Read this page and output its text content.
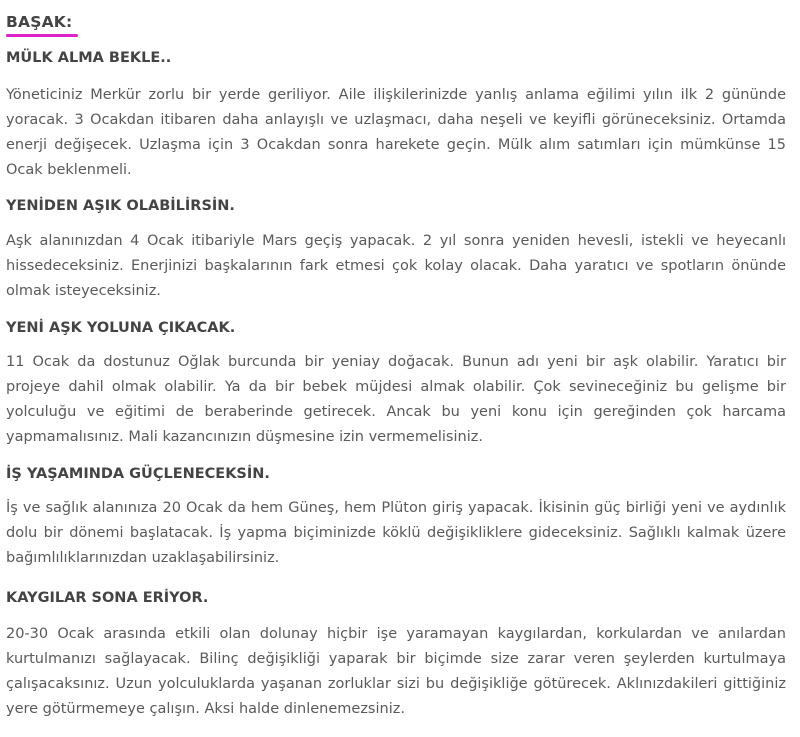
BAŞAK:
MÜLK ALMA BEKLE..

Yöneticiniz Merkür zorlu bir yerde geriliyor. Aile ilişkilerinizde yanlış anlama eğilimi yılın ilk 2 gününde yoracak. 3 Ocakdan itibaren daha anlayışlı ve uzlaşmacı, daha neşeli ve keyifli görüneceksiniz. Ortamda enerji değişecek. Uzlaşma için 3 Ocakdan sonra harekete geçin. Mülk alım satımları için mümkünse 15 Ocak beklenmeli.

YENİDEN AŞIK OLABİLİRSİN.

Aşk alanınızdan 4 Ocak itibariyle Mars geçiş yapacak. 2 yıl sonra yeniden hevesli, istekli ve heyecanlı hissedeceksiniz. Enerjinizi başkalarının fark etmesi çok kolay olacak. Daha yaratıcı ve spotların önünde olmak isteyeceksiniz.

YENİ AŞK YOLUNA ÇIKACAK.

11 Ocak da dostunuz Oğlak burcunda bir yeniay doğacak. Bunun adı yeni bir aşk olabilir. Yaratıcı bir projeye dahil olmak olabilir. Ya da bir bebek müjdesi almak olabilir. Çok sevineceğiniz bu gelişme bir yolculuğu ve eğitimi de beraberinde getirecek. Ancak bu yeni konu için gereğinden çok harcama yapmamalısınız. Mali kazancınızın düşmesine izin vermemelisiniz.

İŞ YAŞAMINDA GÜÇLENECEKSİN.

İş ve sağlık alanınıza 20 Ocak da hem Güneş, hem Plüton giriş yapacak. İkisinin güç birliği yeni ve aydınlık dolu bir dönemi başlatacak. İş yapma biçiminizde köklü değişikliklere gideceksiniz. Sağlıklı kalmak üzere bağımlılıklarınızdan uzaklaşabilirsiniz.

KAYGILAR SONA ERİYOR.

20-30 Ocak arasında etkili olan dolunay hiçbir işe yaramayan kaygılardan, korkulardan ve anılardan kurtulmanızı sağlayacak. Bilinç değişikliği yaparak bir biçimde size zarar veren şeylerden kurtulmaya çalışacaksınız. Uzun yolculuklarda yaşanan zorluklar sizi bu değişikliğe götürecek. Aklınızdakileri gittiğiniz yere götürmemeye çalışın. Aksi halde dinlenemezsiniz.
